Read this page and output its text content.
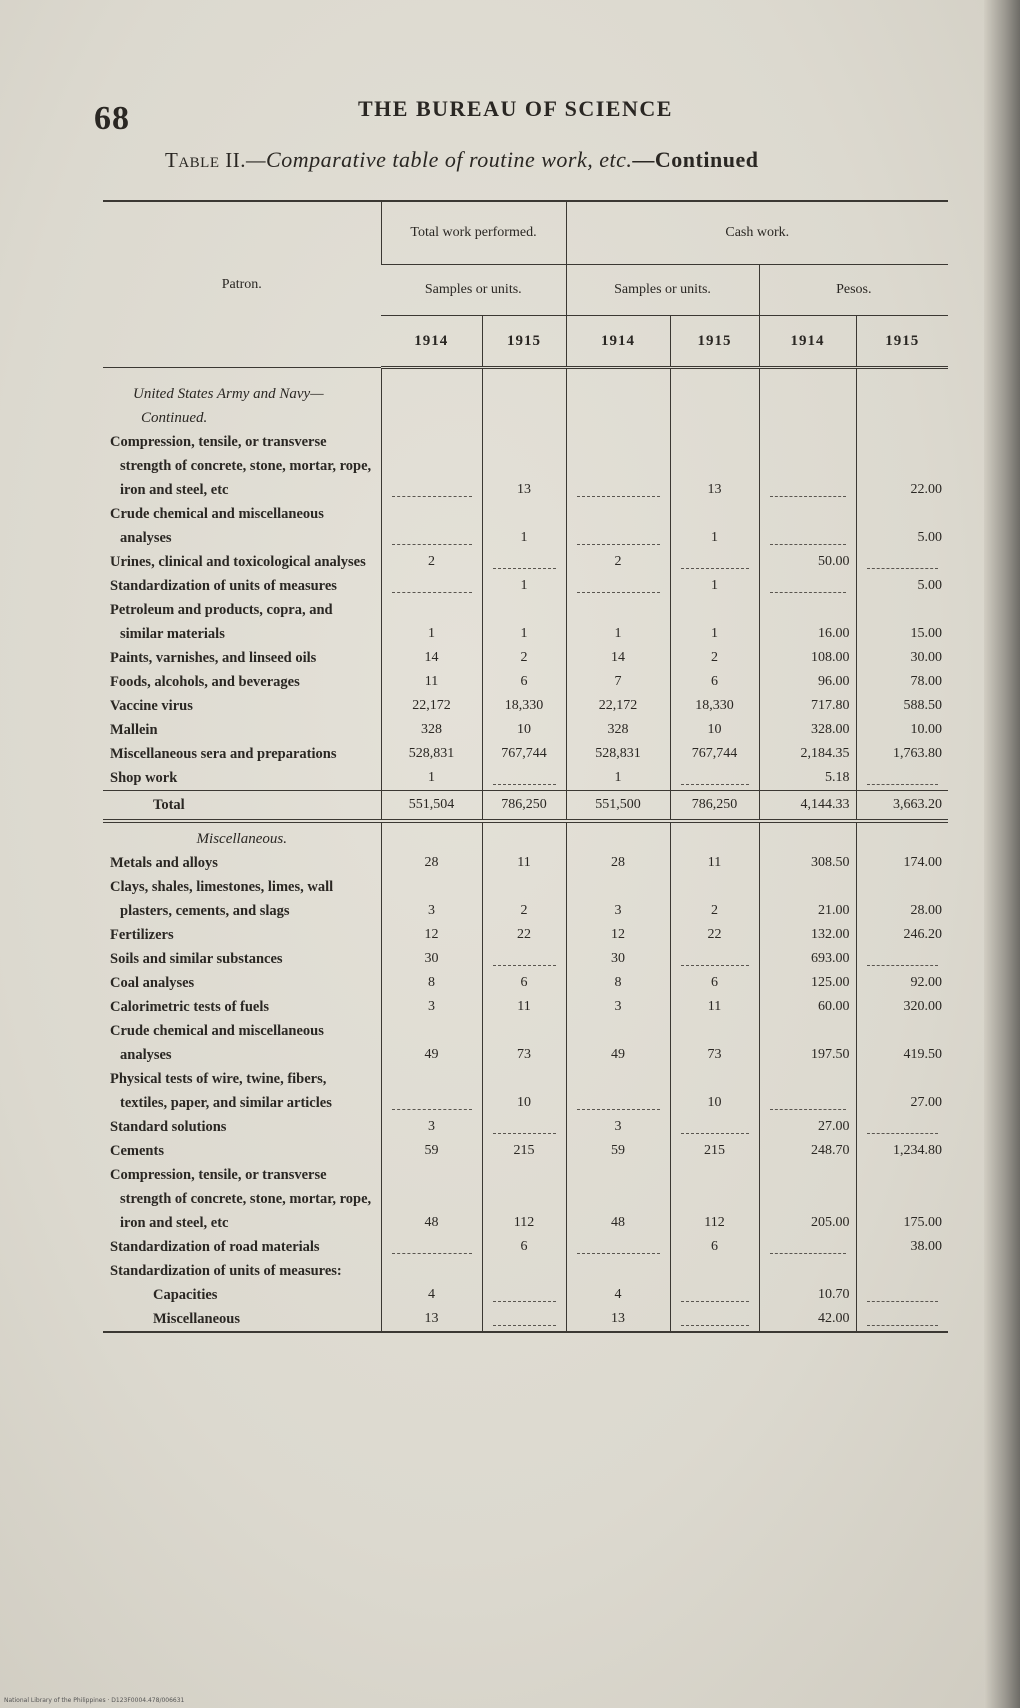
68	THE BUREAU OF SCIENCE
Table II.—Comparative table of routine work, etc.—Continued
Patron.	Total work performed.		Cash work.			
	Samples or units.		Samples or units.		Pesos.	
	1914	1915	1914	1915	1914	1915
United States Army and Navy—Continued.						
Compression, tensile, or transverse strength of concrete, stone, mortar, rope, iron and steel, etc		13		13		22.00
Crude chemical and miscellaneous analyses		1		1		5.00
Urines, clinical and toxicological analyses	2		2		50.00	

Standardization of units of measures		1		1		5.00
Petroleum and products, copra, and similar materials	1	1	1	1	16.00	15.00
Paints, varnishes, and linseed oils	14	2	14	2	108.00	30.00
Foods, alcohols, and beverages	11	6	7	6	96.00	78.00
Vaccine virus	22,172	18,330	22,172	18,330	717.80	588.50
Mallein	328	10	328	10	328.00	10.00
Miscellaneous sera and preparations	528,831	767,744	528,831	767,744	2,184.35	1,763.80
Shop work	1		1		5.18	

Total	551,504	786,250	551,500	786,250	4,144.33	3,663.20
Miscellaneous.						
Metals and alloys	28	11	28	11	308.50	174.00
Clays, shales, limestones, limes, wall plasters, cements, and slags	3	2	3	2	21.00	28.00
Fertilizers	12	22	12	22	132.00	246.20
Soils and similar substances	30		30		693.00	

Coal analyses	8	6	8	6	125.00	92.00
Calorimetric tests of fuels	3	11	3	11	60.00	320.00
Crude chemical and miscellaneous analyses	49	73	49	73	197.50	419.50
Physical tests of wire, twine, fibers, textiles, paper, and similar articles		10		10		27.00
Standard solutions	3		3		27.00	

Cements	59	215	59	215	248.70	1,234.80
Compression, tensile, or transverse strength of concrete, stone, mortar, rope, iron and steel, etc	48	112	48	112	205.00	175.00
Standardization of road materials		6		6		38.00
Standardization of units of measures:						
Capacities	4		4		10.70	

Miscellaneous	13		13		42.00	
National Library of the Philippines · D123F0004.478/006631
